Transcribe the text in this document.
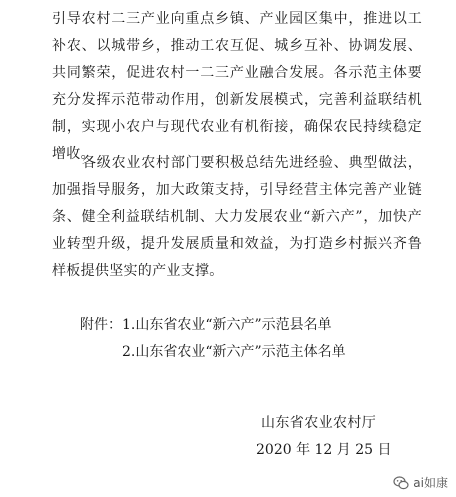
引导农村二三产业向重点乡镇、产业园区集中，推进以工补农、以城带乡，推动工农互促、城乡互补、协调发展、共同繁荣，促进农村一二三产业融合发展。各示范主体要充分发挥示范带动作用，创新发展模式，完善利益联结机制，实现小农户与现代农业有机衔接，确保农民持续稳定增收。

各级农业农村部门要积极总结先进经验、典型做法，加强指导服务，加大政策支持，引导经营主体完善产业链条、健全利益联结机制、大力发展农业“新六产”，加快产业转型升级，提升发展质量和效益，为打造乡村振兴齐鲁样板提供坚实的产业支撑。

附件：1.山东省农业“新六产”示范县名单

2.山东省农业“新六产”示范主体名单

山东省农业农村厅

2020 年 12 月 25 日

ai如康
